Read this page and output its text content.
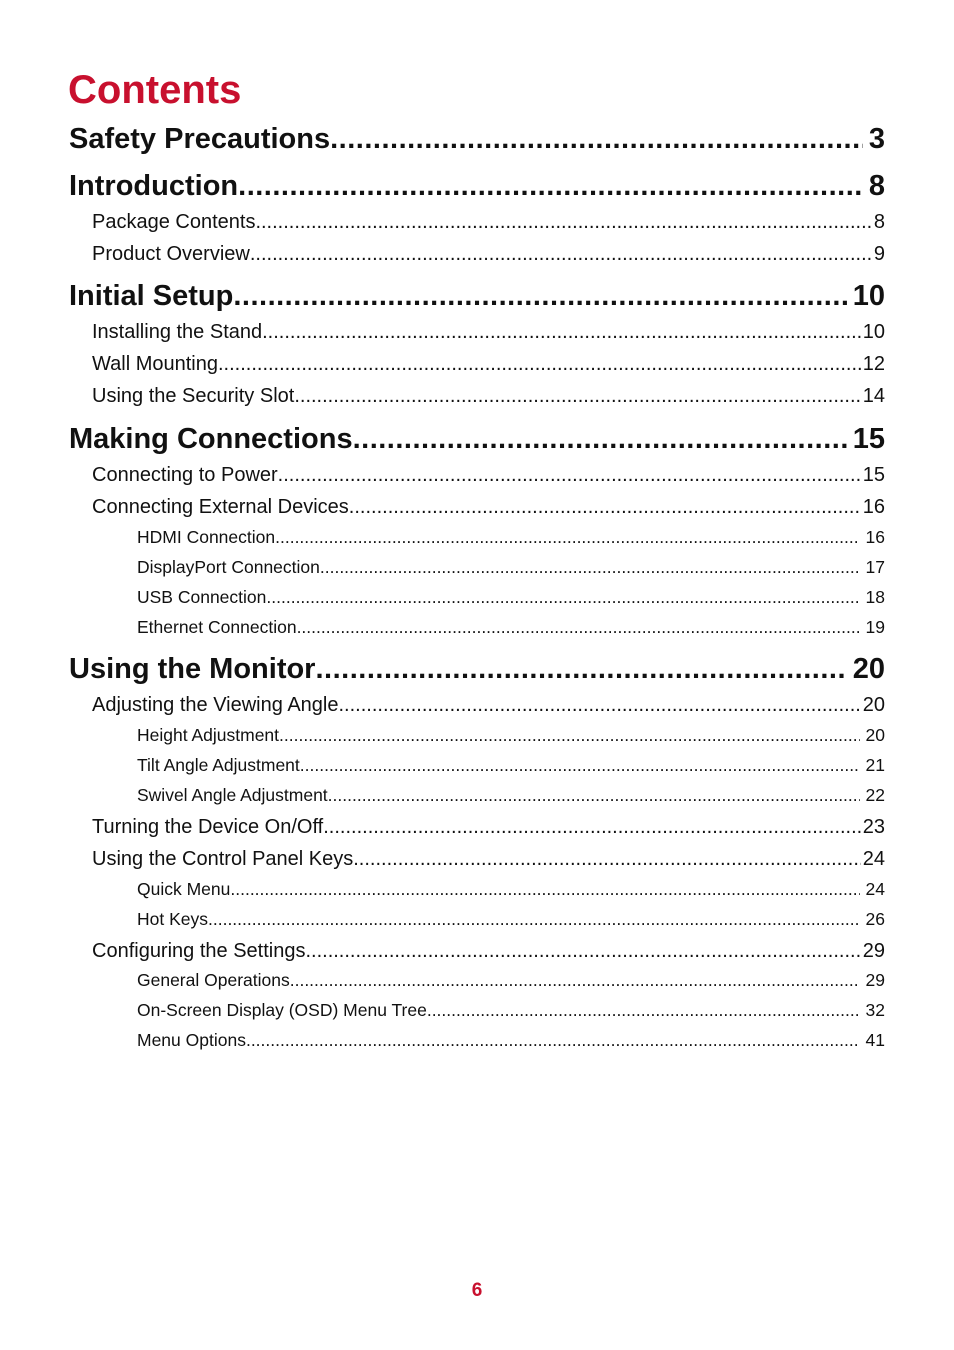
Contents
Safety Precautions .....	3
Introduction .....	8
Package Contents .....	8
Product Overview .....	9
Initial Setup .....	10
Installing the Stand .....	10
Wall Mounting .....	12
Using the Security Slot .....	14
Making Connections .....	15
Connecting to Power .....	15
Connecting External Devices .....	16
HDMI Connection .....	16
DisplayPort Connection .....	17
USB Connection .....	18
Ethernet Connection .....	19
Using the Monitor .....	20
Adjusting the Viewing Angle .....	20
Height Adjustment .....	20
Tilt Angle Adjustment .....	21
Swivel Angle Adjustment .....	22
Turning the Device On/Off .....	23
Using the Control Panel Keys .....	24
Quick Menu .....	24
Hot Keys .....	26
Configuring the Settings .....	29
General Operations .....	29
On-Screen Display (OSD) Menu Tree .....	32
Menu Options .....	41
6
